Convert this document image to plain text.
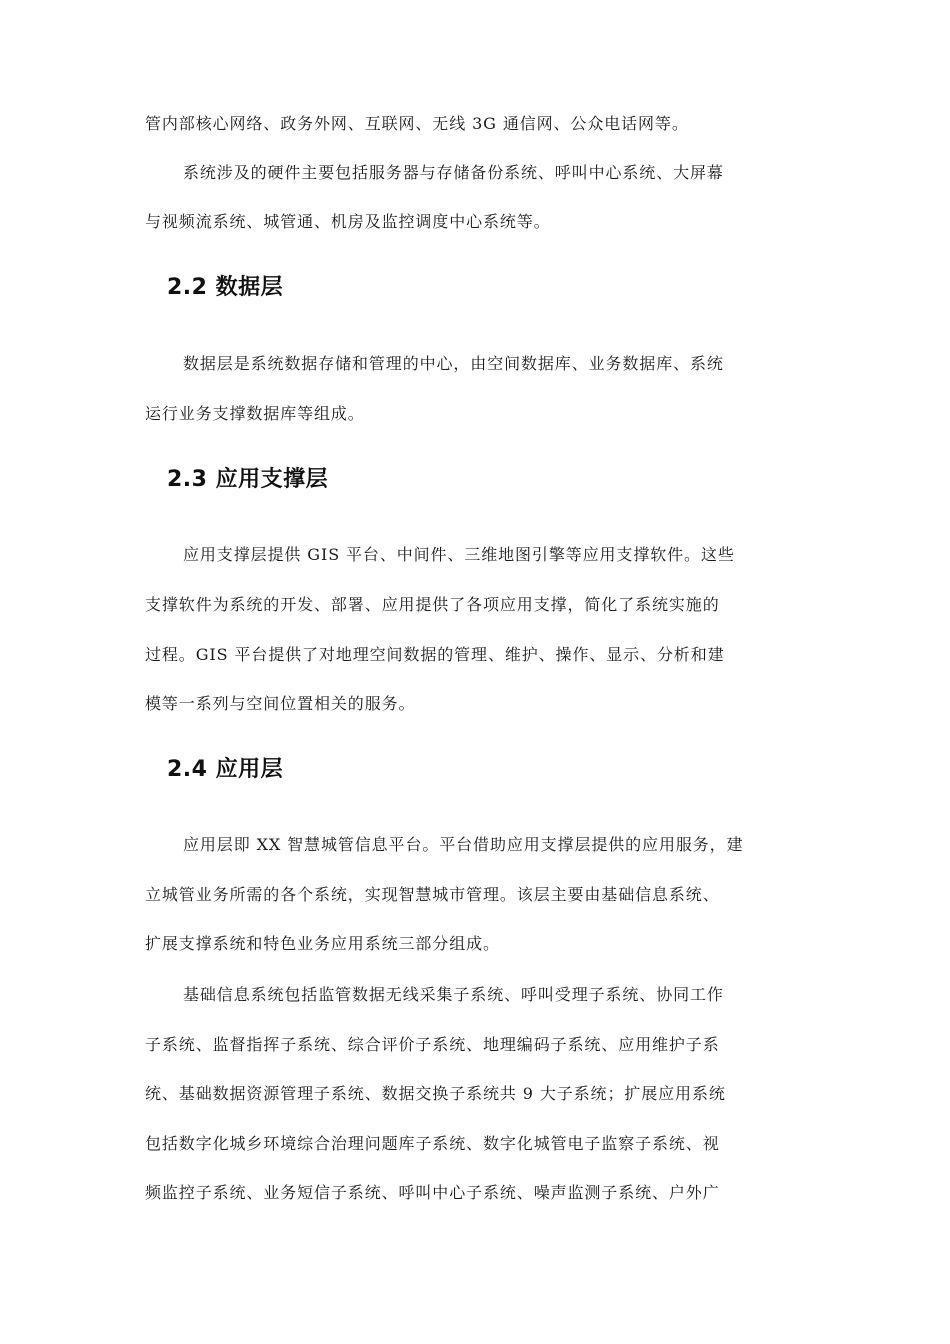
管内部核心网络、政务外网、互联网、无线 3G 通信网、公众电话网等。
系统涉及的硬件主要包括服务器与存储备份系统、呼叫中心系统、大屏幕
与视频流系统、城管通、机房及监控调度中心系统等。
2.2 数据层
数据层是系统数据存储和管理的中心，由空间数据库、业务数据库、系统
运行业务支撑数据库等组成。
2.3 应用支撑层
应用支撑层提供 GIS 平台、中间件、三维地图引擎等应用支撑软件。这些
支撑软件为系统的开发、部署、应用提供了各项应用支撑，简化了系统实施的
过程。GIS 平台提供了对地理空间数据的管理、维护、操作、显示、分析和建
模等一系列与空间位置相关的服务。
2.4 应用层
应用层即 XX 智慧城管信息平台。平台借助应用支撑层提供的应用服务，建
立城管业务所需的各个系统，实现智慧城市管理。该层主要由基础信息系统、
扩展支撑系统和特色业务应用系统三部分组成。
基础信息系统包括监管数据无线采集子系统、呼叫受理子系统、协同工作
子系统、监督指挥子系统、综合评价子系统、地理编码子系统、应用维护子系
统、基础数据资源管理子系统、数据交换子系统共 9 大子系统；扩展应用系统
包括数字化城乡环境综合治理问题库子系统、数字化城管电子监察子系统、视
频监控子系统、业务短信子系统、呼叫中心子系统、噪声监测子系统、户外广
